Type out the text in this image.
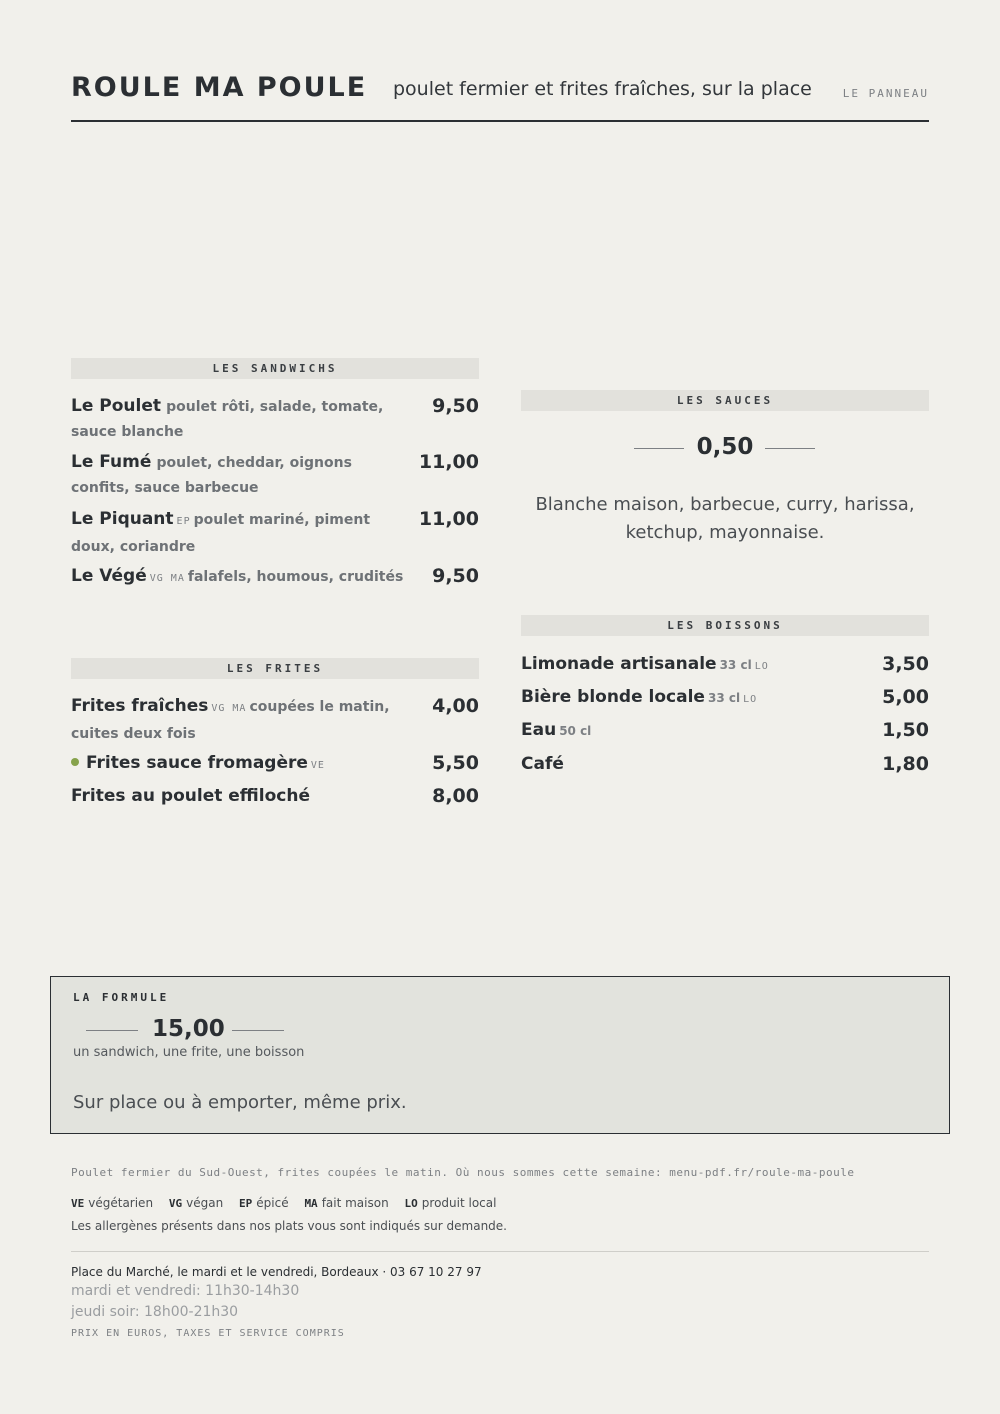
ROULE MA POULE poulet fermier et frites fraîches, sur la place	LE PANNEAU
LES SANDWICHS
Le Poulet poulet rôti, salade, tomate, sauce blanche
9,50
Le Fumé poulet, cheddar, oignons confits, sauce barbecue
11,00
Le Piquant EP poulet mariné, piment doux, coriandre
11,00
Le Végé VG MA falafels, houmous, crudités	9,50
LES FRITES
Frites fraîches VG MA coupées le matin, cuites deux fois
4,00
Frites sauce fromagère VE	5,50
Frites au poulet effiloché	8,00
LES SAUCES
0,50
Blanche maison, barbecue, curry, harissa, ketchup, mayonnaise.
LES BOISSONS
Limonade artisanale 33 cl LO	3,50
Bière blonde locale 33 cl LO	5,00
Eau 50 cl	1,50
Café	1,80
LA FORMULE
15,00
un sandwich, une frite, une boisson
Sur place ou à emporter, même prix.
Poulet fermier du Sud-Ouest, frites coupées le matin. Où nous sommes cette semaine: menu-pdf.fr/roule-ma-poule
VE végétarien VG végan EP épicé MA fait maison LO produit local
Les allergènes présents dans nos plats vous sont indiqués sur demande.
Place du Marché, le mardi et le vendredi, Bordeaux · 03 67 10 27 97
mardi et vendredi: 11h30-14h30
jeudi soir: 18h00-21h30
PRIX EN EUROS, TAXES ET SERVICE COMPRIS
